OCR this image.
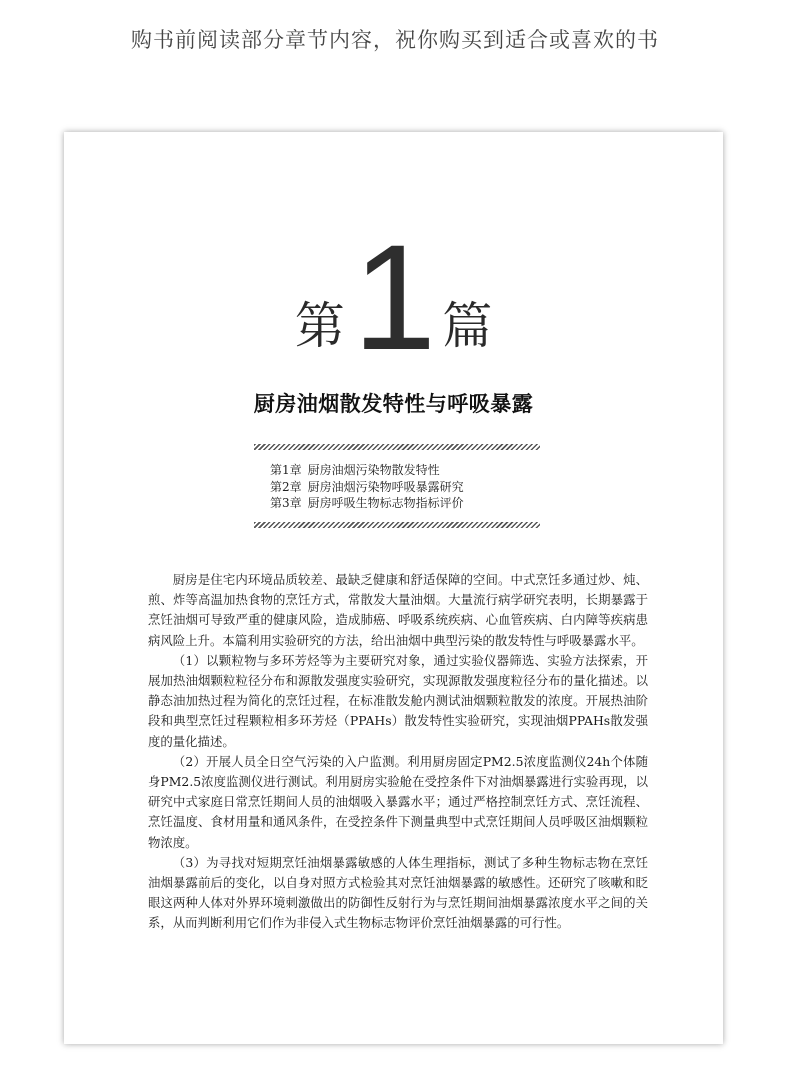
购书前阅读部分章节内容，祝你购买到适合或喜欢的书
第1 篇
厨房油烟散发特性与呼吸暴露
第1章 厨房油烟污染物散发特性
第2章 厨房油烟污染物呼吸暴露研究
第3章 厨房呼吸生物标志物指标评价

厨房是住宅内环境品质较差、最缺乏健康和舒适保障的空间。中式烹饪多通过炒、炖、煎、炸等高温加热食物的烹饪方式，常散发大量油烟。大量流行病学研究表明，长期暴露于烹饪油烟可导致严重的健康风险，造成肺癌、呼吸系统疾病、心血管疾病、白内障等疾病患病风险上升。本篇利用实验研究的方法，给出油烟中典型污染的散发特性与呼吸暴露水平。

（1）以颗粒物与多环芳烃等为主要研究对象，通过实验仪器筛选、实验方法探索，开展加热油烟颗粒粒径分布和源散发强度实验研究，实现源散发强度粒径分布的量化描述。以静态油加热过程为简化的烹饪过程，在标准散发舱内测试油烟颗粒散发的浓度。开展热油阶段和典型烹饪过程颗粒相多环芳烃（PPAHs）散发特性实验研究，实现油烟PPAHs散发强度的量化描述。

（2）开展人员全日空气污染的入户监测。利用厨房固定PM2.5浓度监测仪24h个体随身PM2.5浓度监测仪进行测试。利用厨房实验舱在受控条件下对油烟暴露进行实验再现，以研究中式家庭日常烹饪期间人员的油烟吸入暴露水平；通过严格控制烹饪方式、烹饪流程、烹饪温度、食材用量和通风条件，在受控条件下测量典型中式烹饪期间人员呼吸区油烟颗粒物浓度。

（3）为寻找对短期烹饪油烟暴露敏感的人体生理指标，测试了多种生物标志物在烹饪油烟暴露前后的变化，以自身对照方式检验其对烹饪油烟暴露的敏感性。还研究了咳嗽和眨眼这两种人体对外界环境刺激做出的防御性反射行为与烹饪期间油烟暴露浓度水平之间的关系，从而判断利用它们作为非侵入式生物标志物评价烹饪油烟暴露的可行性。
